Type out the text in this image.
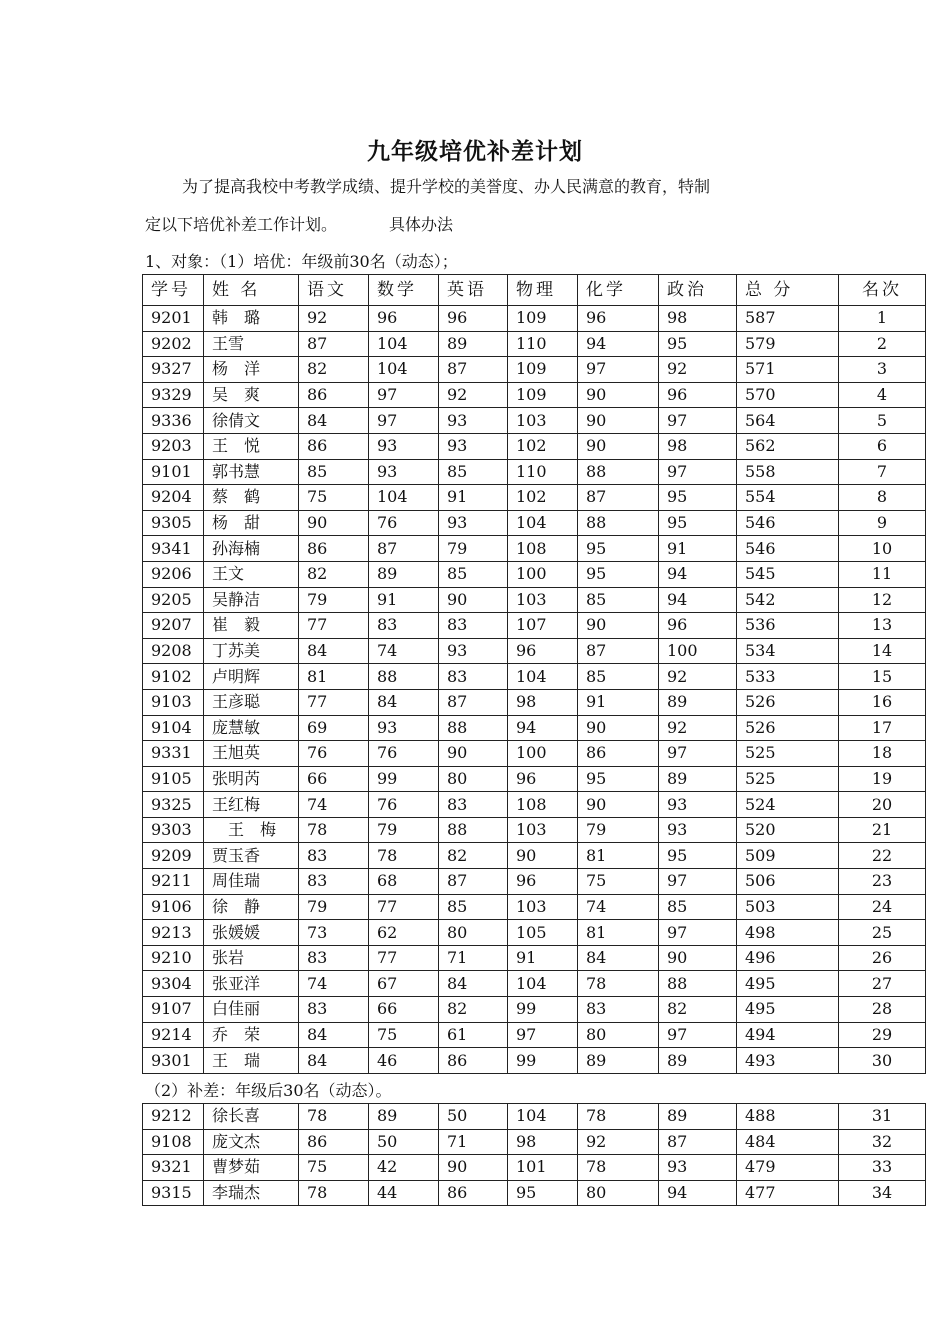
九年级培优补差计划
为了提高我校中考教学成绩、提升学校的美誉度、办人民满意的教育，特制
定以下培优补差工作计划。	具体办法
1、对象：（1）培优：年级前30名（动态）；
学号	姓 名	语文	数学	英语	物理	化学	政治	总 分	名次
9201	韩　璐	92	96	96	109	96	98	587	1
9202	王雪	87	104	89	110	94	95	579	2
9327	杨　洋	82	104	87	109	97	92	571	3
9329	吴　爽	86	97	92	109	90	96	570	4
9336	徐倩文	84	97	93	103	90	97	564	5
9203	王　悦	86	93	93	102	90	98	562	6
9101	郭书慧	85	93	85	110	88	97	558	7
9204	蔡　鹤	75	104	91	102	87	95	554	8
9305	杨　甜	90	76	93	104	88	95	546	9
9341	孙海楠	86	87	79	108	95	91	546	10
9206	王文	82	89	85	100	95	94	545	11
9205	吴静洁	79	91	90	103	85	94	542	12
9207	崔　毅	77	83	83	107	90	96	536	13
9208	丁苏美	84	74	93	96	87	100	534	14
9102	卢明辉	81	88	83	104	85	92	533	15
9103	王彦聪	77	84	87	98	91	89	526	16
9104	庞慧敏	69	93	88	94	90	92	526	17
9331	王旭英	76	76	90	100	86	97	525	18
9105	张明芮	66	99	80	96	95	89	525	19
9325	王红梅	74	76	83	108	90	93	524	20
9303	　王　梅	78	79	88	103	79	93	520	21
9209	贾玉香	83	78	82	90	81	95	509	22
9211	周佳瑞	83	68	87	96	75	97	506	23
9106	徐　静	79	77	85	103	74	85	503	24
9213	张媛媛	73	62	80	105	81	97	498	25
9210	张岩	83	77	71	91	84	90	496	26
9304	张亚洋	74	67	84	104	78	88	495	27
9107	白佳丽	83	66	82	99	83	82	495	28
9214	乔　荣	84	75	61	97	80	97	494	29
9301	王　瑞	84	46	86	99	89	89	493	30
（2）补差：年级后30名（动态）。
9212	徐长喜	78	89	50	104	78	89	488	31
9108	庞文杰	86	50	71	98	92	87	484	32
9321	曹梦茹	75	42	90	101	78	93	479	33
9315	李瑞杰	78	44	86	95	80	94	477	34
